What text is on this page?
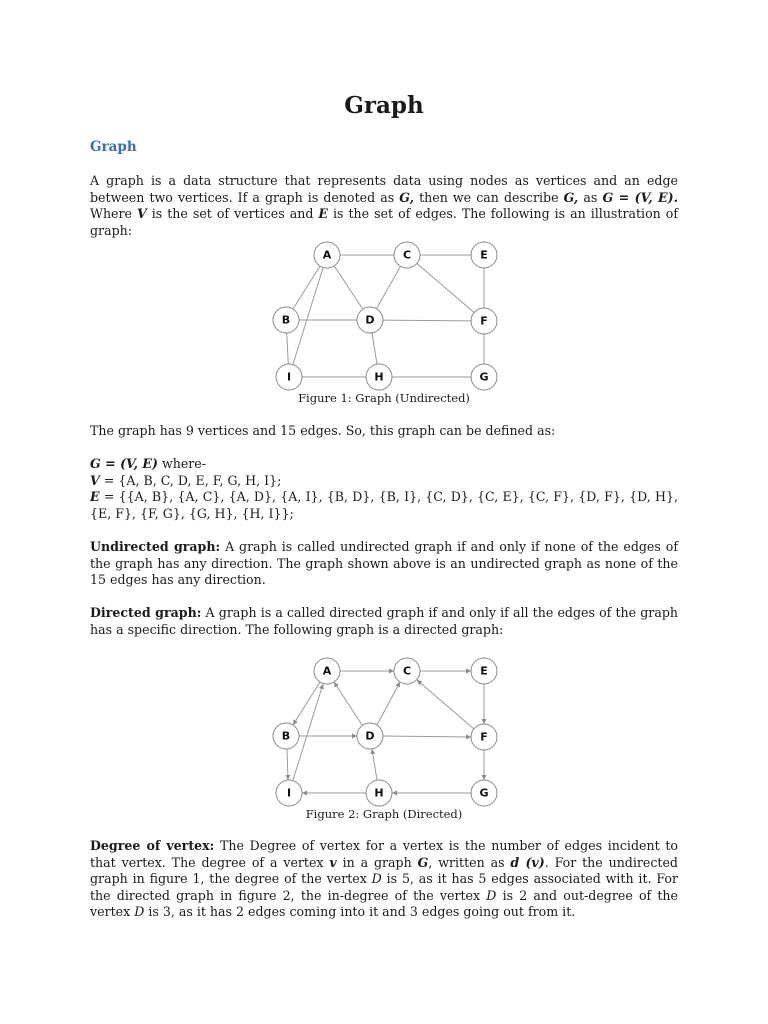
Graph
Graph

A graph is a data structure that represents data using nodes as vertices and an edge between two vertices. If a graph is denoted as G, then we can describe G, as G = (V, E). Where V is the set of vertices and E is the set of edges. The following is an illustration of graph:

A	C	E
B	D	F
I	H	G

Figure 1: Graph (Undirected)

The graph has 9 vertices and 15 edges. So, this graph can be defined as:

G = (V, E) where-
V = {A, B, C, D, E, F, G, H, I};
E = {{A, B}, {A, C}, {A, D}, {A, I}, {B, D}, {B, I}, {C, D}, {C, E}, {C, F}, {D, F}, {D, H}, {E, F}, {F, G}, {G, H}, {H, I}};

Undirected graph: A graph is called undirected graph if and only if none of the edges of the graph has any direction. The graph shown above is an undirected graph as none of the 15 edges has any direction.

Directed graph: A graph is a called directed graph if and only if all the edges of the graph has a specific direction. The following graph is a directed graph:

A	C	E
B	D	F
I	H	G

Figure 2: Graph (Directed)

Degree of vertex: The Degree of vertex for a vertex is the number of edges incident to that vertex. The degree of a vertex v in a graph G, written as d (v). For the undirected graph in figure 1, the degree of the vertex D is 5, as it has 5 edges associated with it. For the directed graph in figure 2, the in-degree of the vertex D is 2 and out-degree of the vertex D is 3, as it has 2 edges coming into it and 3 edges going out from it.
